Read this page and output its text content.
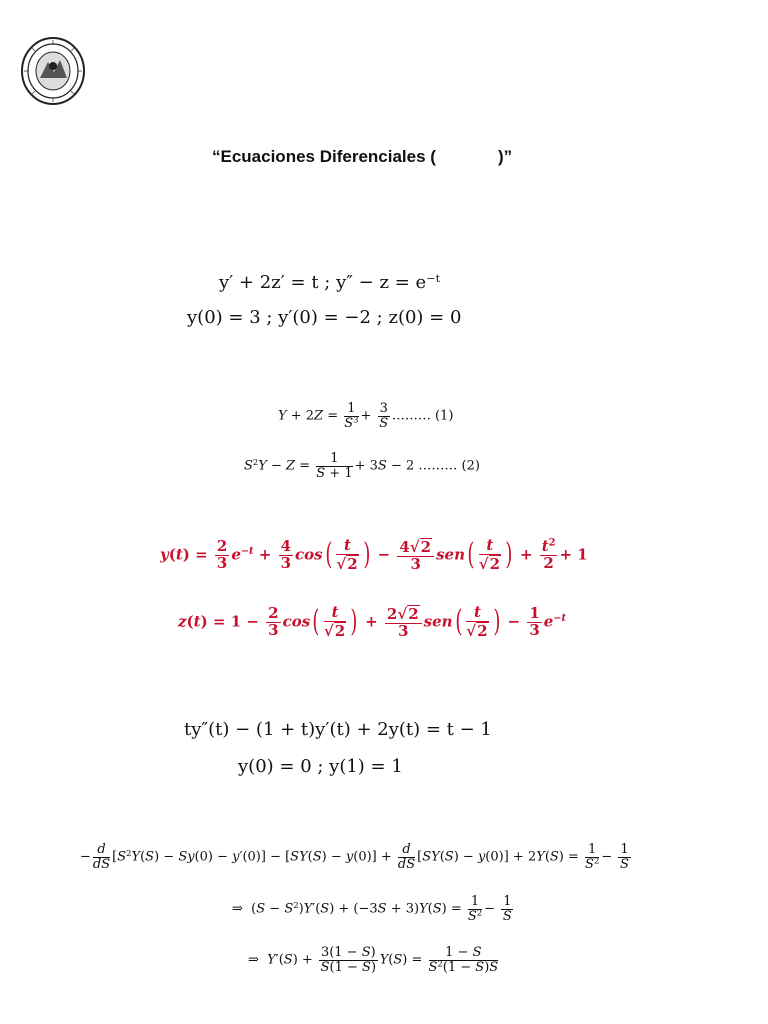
“Ecuaciones Diferenciales (	)”
y′ + 2z′ = t ; y″ − z = e⁻ᵗ
y(0) = 3 ; y′(0) = −2 ; z(0) = 0
$Y + 2Z = \frac{1}{S^3} + \frac{3}{S}$ ……… (1)
$S^2Y - Z = \frac{1}{S + 1} + 3S - 2$ ……… (2)
$y(t) = \frac{2}{3} e^{-t} + \frac{4}{3} \cos( \frac{t}{√2}$ ) − $\frac{4√2}{3} sen( \frac{t}{√2}$ ) + $\frac{t^2}{2} + 1$
$z(t) = 1 - \frac{2}{3} \cos( \frac{t}{√2}$ ) + $\frac{2√2}{3} sen( \frac{t}{√2}$ ) − $\frac{1}{3} e^{-t}$
ty″(t) − (1 + t)y′(t) + 2y(t) = t − 1
y(0) = 0 ; y(1) = 1
− $\frac{d}{dS} [S^2Y(S) - Sy(0) - y'(0)] - [SY(S) - y(0)] + \frac{d}{dS} [SY(S) - y(0)] + 2Y(S) = \frac{1}{S^2} - \frac{1}{S}$
⇒  $(S - S^2)Y'(S) + (-3S + 3)Y(S) = \frac{1}{S^2} - \frac{1}{S}$
⇒  $Y'(S) + \frac{3(1 - S)}{S(1 - S)} Y(S) = \frac{1 - S}{S^2(1 - S)S}$
